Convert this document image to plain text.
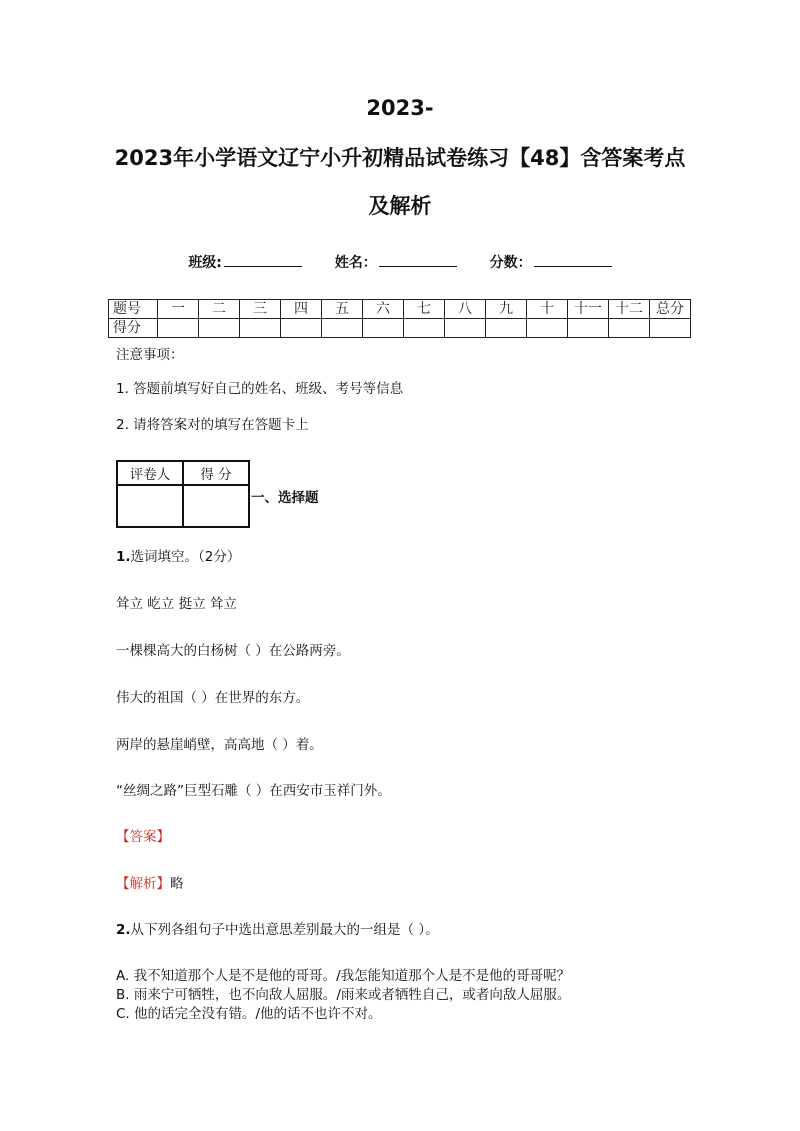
2023-
2023年小学语文辽宁小升初精品试卷练习【48】含答案考点
及解析
班级:	姓名：	分数：
题号	一	二	三	四	五	六	七	八	九	十	十一	十二	总分
得分													
注意事项：
1. 答题前填写好自己的姓名、班级、考号等信息
2. 请将答案对的填写在答题卡上
评卷人	得 分

一、选择题
1.选词填空。（2分）
耸立 屹立 挺立 耸立
一棵棵高大的白杨树（ ）在公路两旁。
伟大的祖国（ ）在世界的东方。
两岸的悬崖峭壁，高高地（ ）着。
“丝绸之路”巨型石雕（ ）在西安市玉祥门外。
【答案】
【解析】略
2.从下列各组句子中选出意思差别最大的一组是（ ）。
A. 我不知道那个人是不是他的哥哥。/我怎能知道那个人是不是他的哥哥呢？
B. 雨来宁可牺牲，也不向敌人屈服。/雨来或者牺牲自己，或者向敌人屈服。
C. 他的话完全没有错。/他的话不也许不对。
